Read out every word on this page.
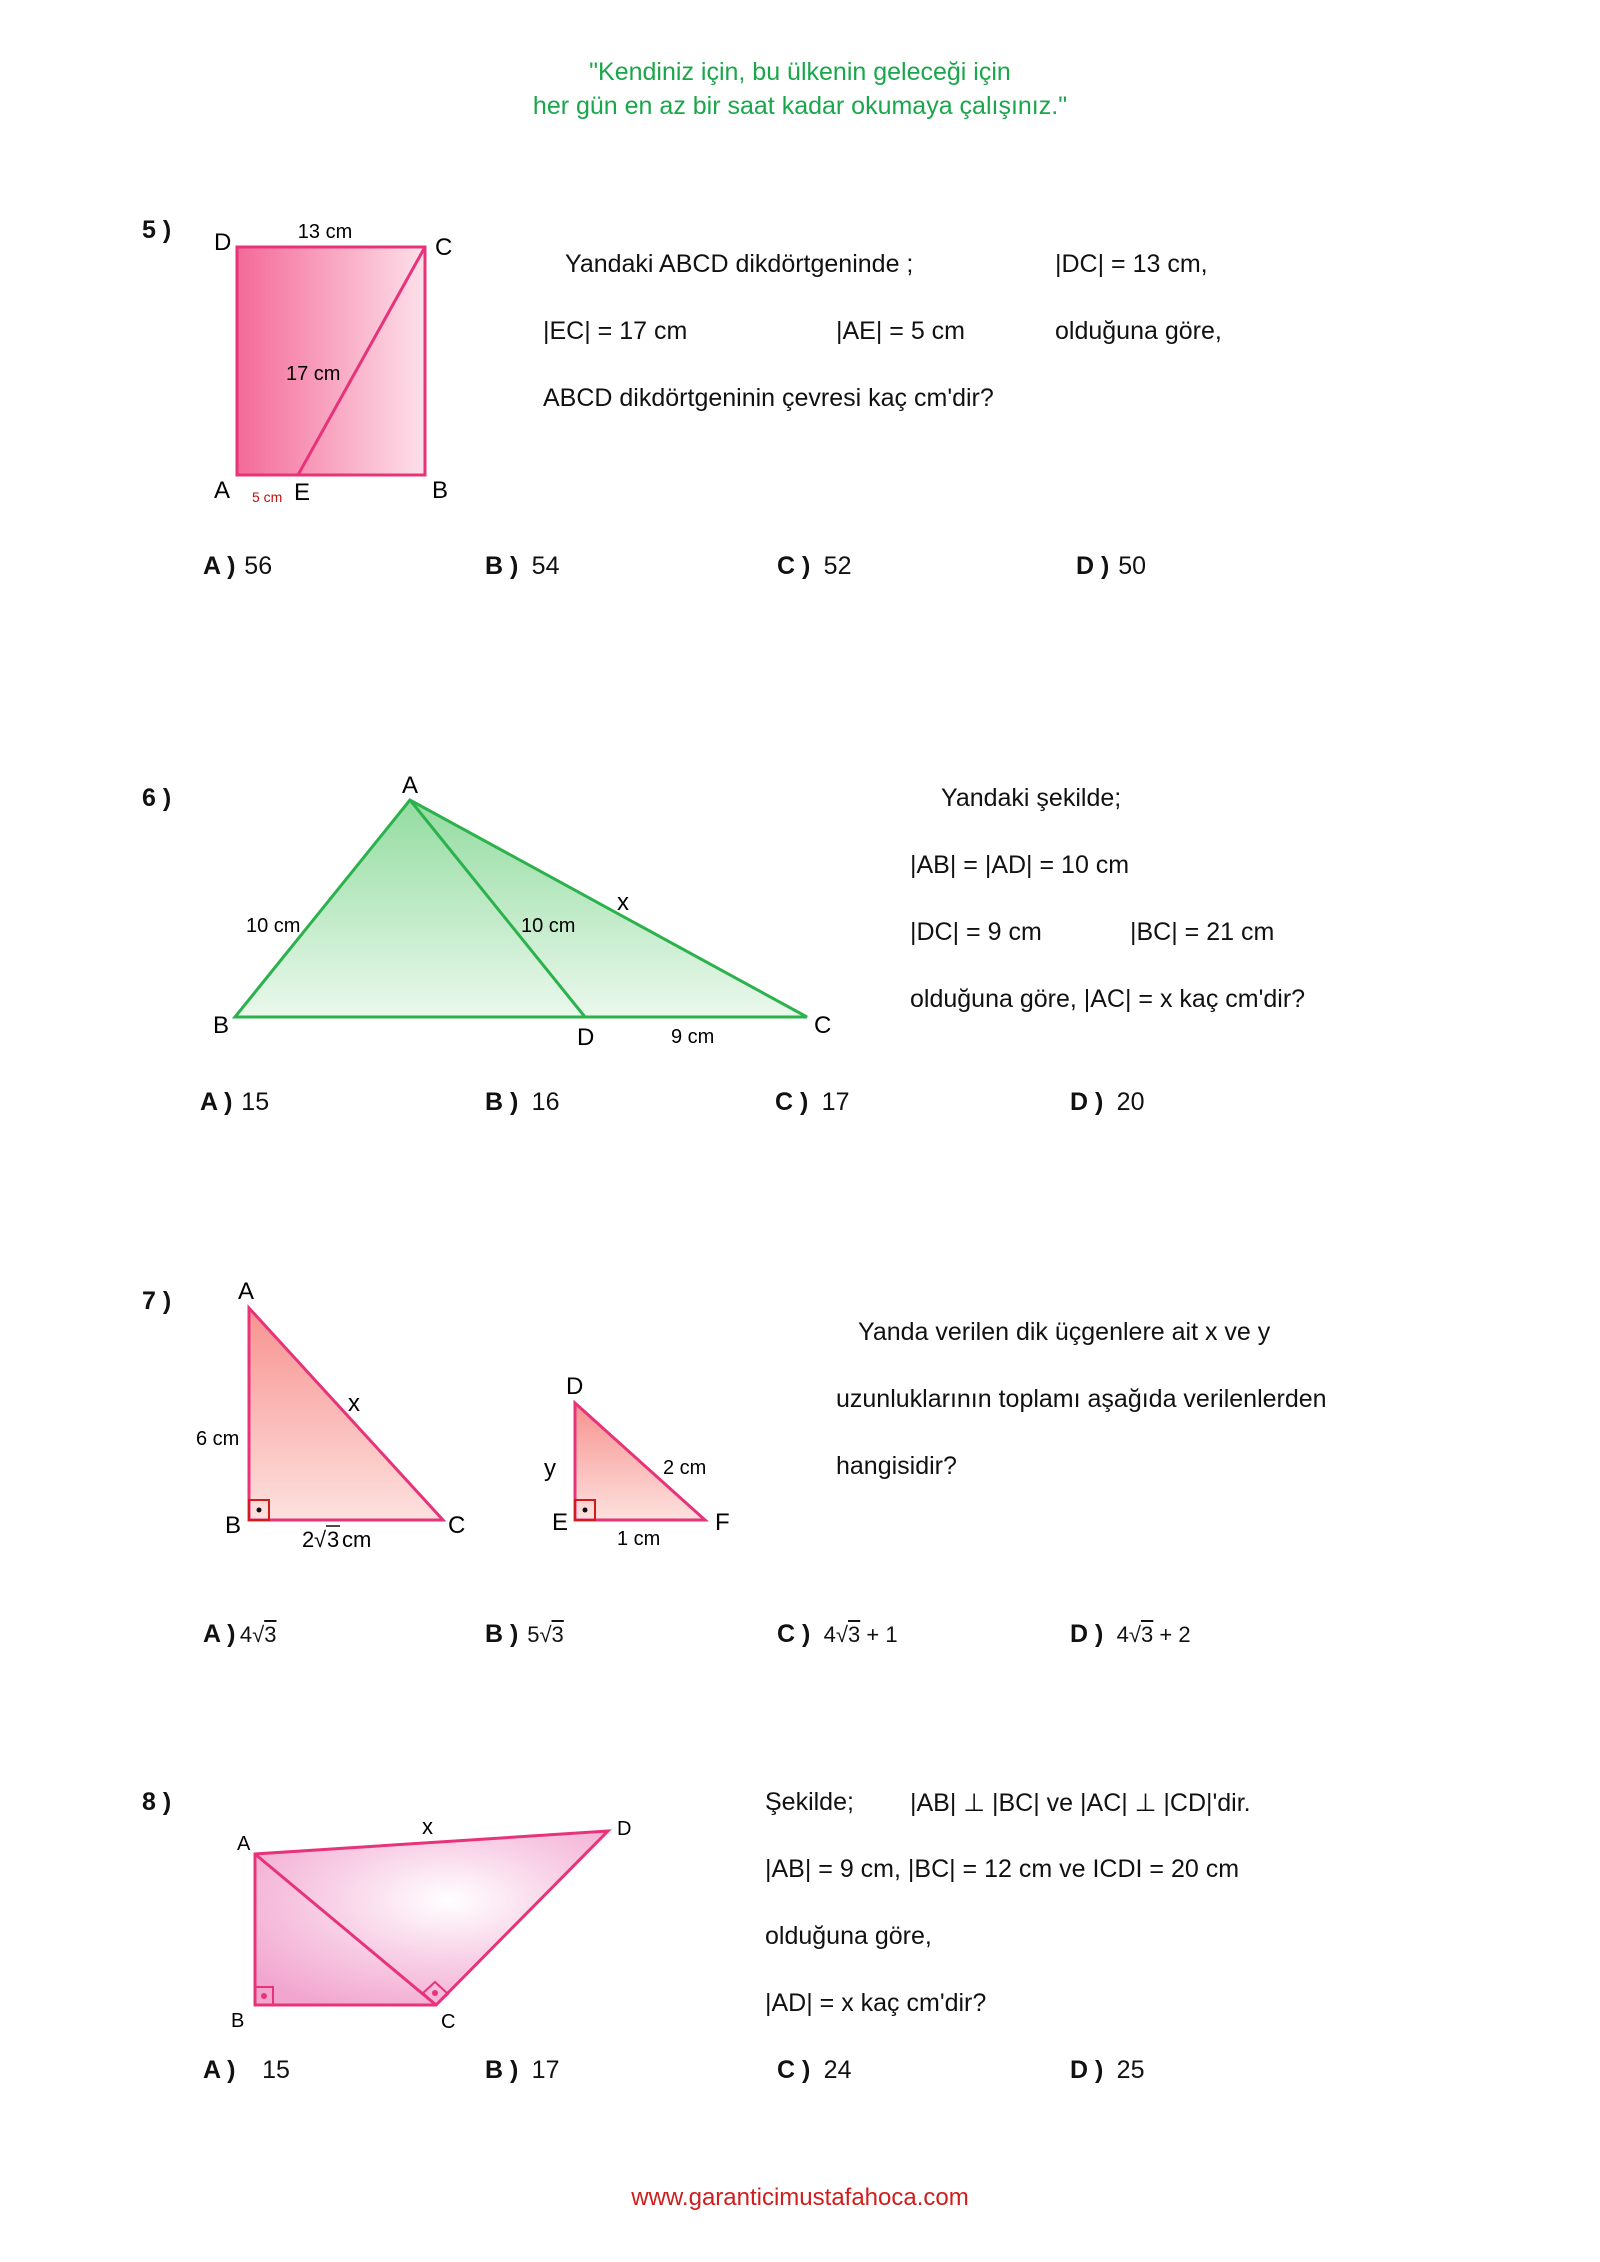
"Kendiniz için, bu ülkenin geleceği için
her gün en az bir saat kadar okumaya çalışınız."
5 ) D	C
A	E	B
13 cm
17 cm
5 cm
Yandaki ABCD dikdörtgeninde ;	|DC| = 13 cm,
|EC| = 17 cm	|AE| = 5 cm	olduğuna göre,
ABCD dikdörtgeninin çevresi kaç cm'dir?
A ) 56	B ) 54	C ) 52	D ) 50
6 )	A
B	C
D
10 cm	10 cm
x
9 cm
Yandaki şekilde;
|AB| = |AD| = 10 cm
|DC| = 9 cm	|BC| = 21 cm
olduğuna göre, |AC| = x kaç cm'dir?
A ) 15	B ) 16	C ) 17	D ) 20
7 )	A
B	C
x
6 cm
2 √ 3 cm
D
E	F
y	2 cm
1 cm
Yanda verilen dik üçgenlere ait x ve y
uzunluklarının toplamı aşağıda verilenlerden
hangisidir?
A ) 4√3	B ) 5√3	C ) 4√3 + 1	D ) 4√3 + 2
8 )
A
B	C
D
x
Şekilde; |AB| ⊥ |BC| ve |AC| ⊥ |CD|'dir.
|AB| = 9 cm, |BC| = 12 cm ve ICDI = 20 cm
olduğuna göre,
|AD| = x kaç cm'dir?
A ) 15	B ) 17	C ) 24	D ) 25
www.garanticimustafahoca.com
